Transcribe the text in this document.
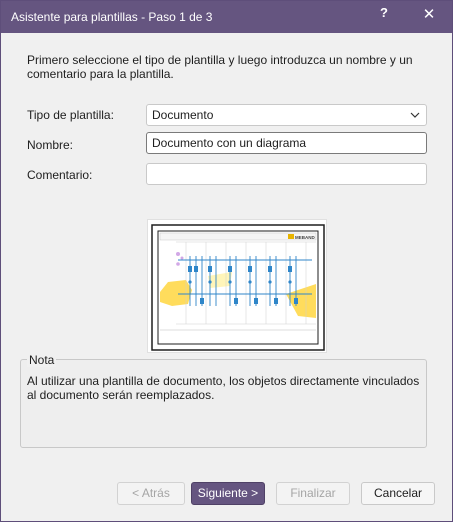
Asistente para plantillas - Paso 1 de 3	?	✕
Primero seleccione el tipo de plantilla y luego introduzca un nombre y un comentario para la plantilla.
Tipo de plantilla:	Documento
Nombre:
Documento con un diagrama
Comentario:
MEBAND
Nota
Al utilizar una plantilla de documento, los objetos directamente vinculados al documento serán reemplazados.
< Atrás	Siguiente >	Finalizar	Cancelar
